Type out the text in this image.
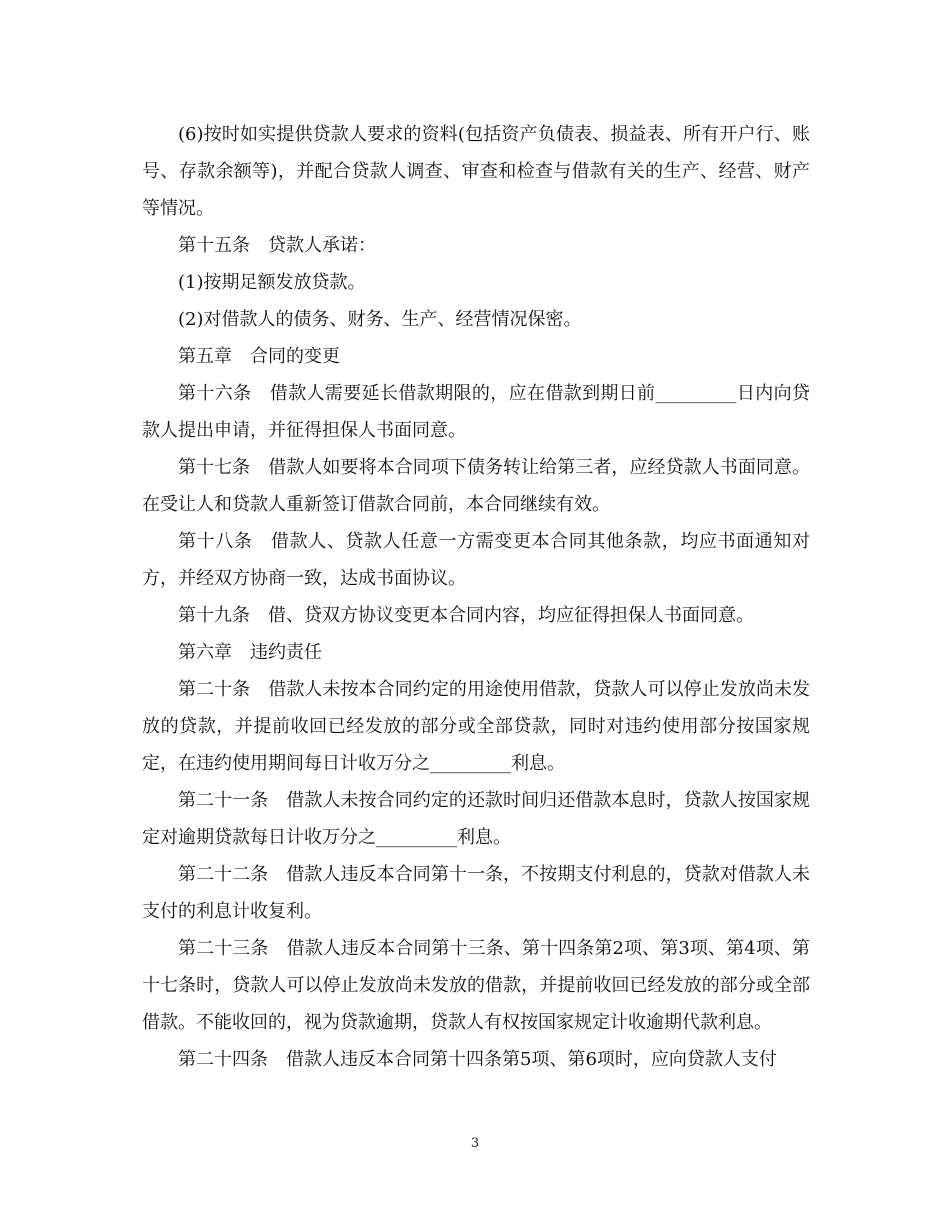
(6)按时如实提供贷款人要求的资料(包括资产负债表、损益表、所有开户行、账号、存款余额等)，并配合贷款人调查、审查和检查与借款有关的生产、经营、财产等情况。

第十五条　贷款人承诺：

(1)按期足额发放贷款。

(2)对借款人的债务、财务、生产、经营情况保密。

第五章　合同的变更

第十六条　借款人需要延长借款期限的，应在借款到期日前_________日内向贷款人提出申请，并征得担保人书面同意。

第十七条　借款人如要将本合同项下债务转让给第三者，应经贷款人书面同意。在受让人和贷款人重新签订借款合同前，本合同继续有效。

第十八条　借款人、贷款人任意一方需变更本合同其他条款，均应书面通知对方，并经双方协商一致，达成书面协议。

第十九条　借、贷双方协议变更本合同内容，均应征得担保人书面同意。

第六章　违约责任

第二十条　借款人未按本合同约定的用途使用借款，贷款人可以停止发放尚未发放的贷款，并提前收回已经发放的部分或全部贷款，同时对违约使用部分按国家规定，在违约使用期间每日计收万分之_________利息。

第二十一条　借款人未按合同约定的还款时间归还借款本息时，贷款人按国家规定对逾期贷款每日计收万分之_________利息。

第二十二条　借款人违反本合同第十一条，不按期支付利息的，贷款对借款人未支付的利息计收复利。

第二十三条　借款人违反本合同第十三条、第十四条第2项、第3项、第4项、第十七条时，贷款人可以停止发放尚未发放的借款，并提前收回已经发放的部分或全部借款。不能收回的，视为贷款逾期，贷款人有权按国家规定计收逾期代款利息。

第二十四条　借款人违反本合同第十四条第5项、第6项时，应向贷款人支付

3
